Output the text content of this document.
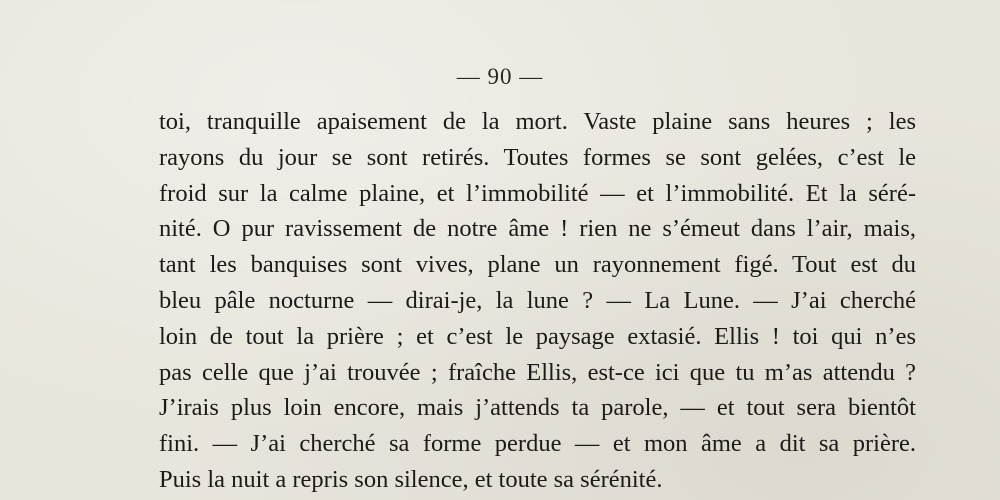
— 90 —
toi, tranquille apaisement de la mort. Vaste plaine sans heures ; les
rayons du jour se sont retirés. Toutes formes se sont gelées, c’est le
froid sur la calme plaine, et l’immobilité — et l’immobilité. Et la séré-
nité. O pur ravissement de notre âme ! rien ne s’émeut dans l’air, mais,
tant les banquises sont vives, plane un rayonnement figé. Tout est du
bleu pâle nocturne — dirai-je, la lune ? — La Lune. — J’ai cherché
loin de tout la prière ; et c’est le paysage extasié. Ellis ! toi qui n’es
pas celle que j’ai trouvée ; fraîche Ellis, est-ce ici que tu m’as attendu ?
J’irais plus loin encore, mais j’attends ta parole, — et tout sera bientôt
fini. — J’ai cherché sa forme perdue — et mon âme a dit sa prière.
Puis la nuit a repris son silence, et toute sa sérénité.
